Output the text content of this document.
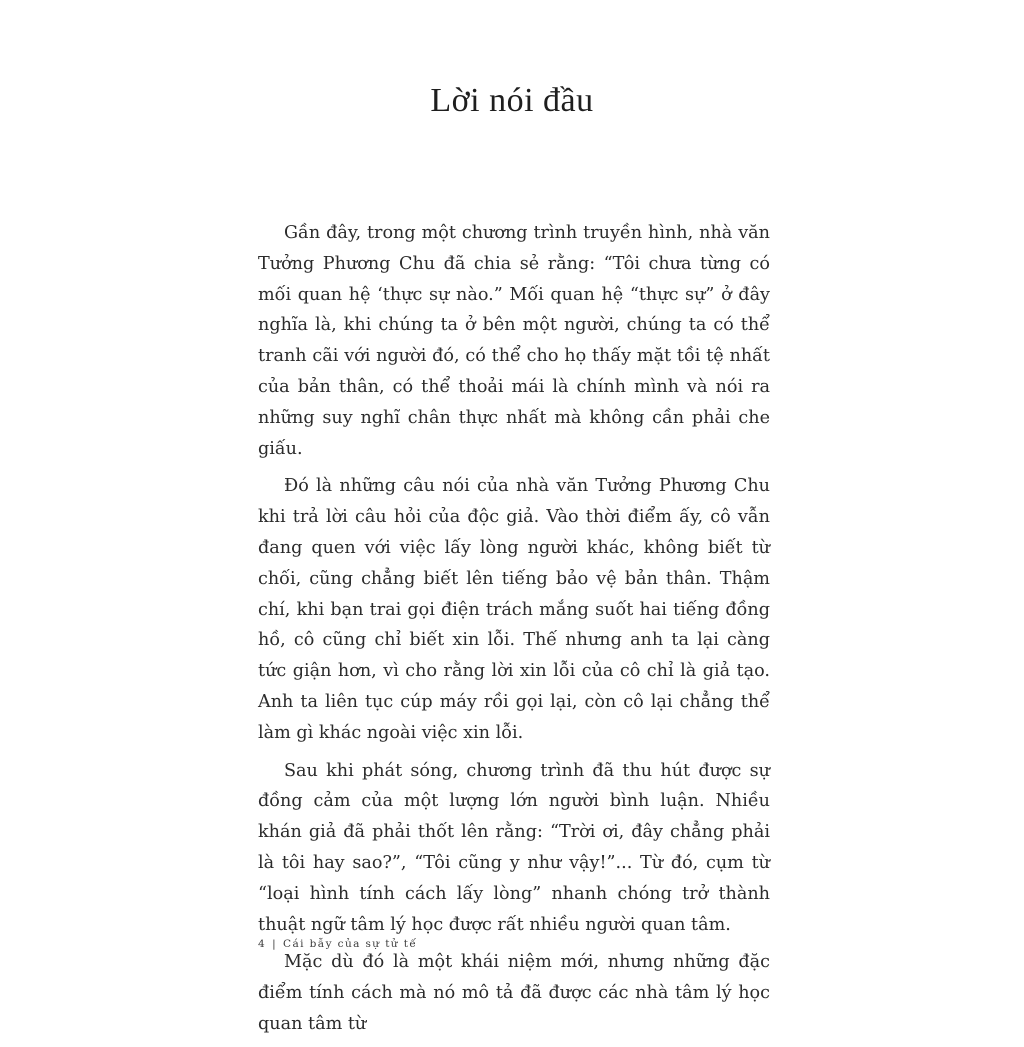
Lời nói đầu

Gần đây, trong một chương trình truyền hình, nhà văn Tưởng Phương Chu đã chia sẻ rằng: “Tôi chưa từng có mối quan hệ ‘thực sự nào.” Mối quan hệ “thực sự” ở đây nghĩa là, khi chúng ta ở bên một người, chúng ta có thể tranh cãi với người đó, có thể cho họ thấy mặt tồi tệ nhất của bản thân, có thể thoải mái là chính mình và nói ra những suy nghĩ chân thực nhất mà không cần phải che giấu.

Đó là những câu nói của nhà văn Tưởng Phương Chu khi trả lời câu hỏi của độc giả. Vào thời điểm ấy, cô vẫn đang quen với việc lấy lòng người khác, không biết từ chối, cũng chẳng biết lên tiếng bảo vệ bản thân. Thậm chí, khi bạn trai gọi điện trách mắng suốt hai tiếng đồng hồ, cô cũng chỉ biết xin lỗi. Thế nhưng anh ta lại càng tức giận hơn, vì cho rằng lời xin lỗi của cô chỉ là giả tạo. Anh ta liên tục cúp máy rồi gọi lại, còn cô lại chẳng thể làm gì khác ngoài việc xin lỗi.

Sau khi phát sóng, chương trình đã thu hút được sự đồng cảm của một lượng lớn người bình luận. Nhiều khán giả đã phải thốt lên rằng: “Trời ơi, đây chẳng phải là tôi hay sao?”, “Tôi cũng y như vậy!”... Từ đó, cụm từ “loại hình tính cách lấy lòng” nhanh chóng trở thành thuật ngữ tâm lý học được rất nhiều người quan tâm.

Mặc dù đó là một khái niệm mới, nhưng những đặc điểm tính cách mà nó mô tả đã được các nhà tâm lý học quan tâm từ

4 | Cái bẫy của sự tử tế
